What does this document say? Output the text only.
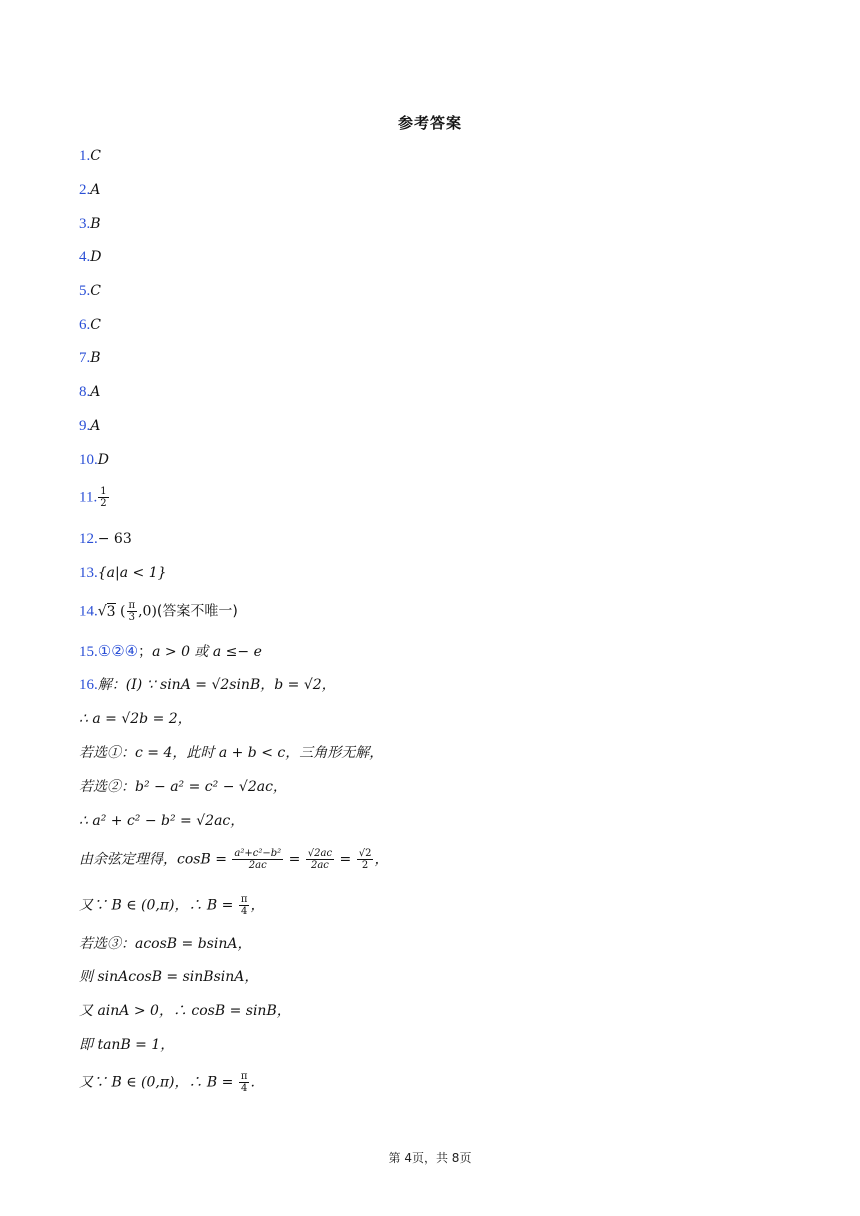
参考答案
1.C
2.A
3.B
4.D
5.C
6.C
7.B
8.A
9.A
10.D
11. $\frac{1}{2}$
12.− 63
13.{a|a < 1}
14.√3 ( $\frac{\pi}{3} ,0$)(答案不唯一)
15.①②④；a > 0 或 a ≤− e
16.解：(Ⅰ) ∵ sinA = √2sinB，b = √2，
∴ a = √2b = 2，
若选①：c = 4，此时 a + b < c，三角形无解，
若选②：b² − a² = c² − √2ac，
∴ a² + c² − b² = √2ac，
由余弦定理得，$\cos B = \frac{\text{a²+c²−b²}}{2ac} = \frac{√2ac}{2ac} = \frac{√2}{2}$ ，
又∵ B ∈ (0,π)，∴ $B = \frac{\pi}{4}$ ，
若选③：acosB = bsinA，
则 sinAcosB = sinBsinA，
又 ainA > 0，∴ cosB = sinB，
即 tanB = 1，
又∵ B ∈ (0,π)，∴ $B = \frac{\pi}{4}$ .
第 4页，共 8页
